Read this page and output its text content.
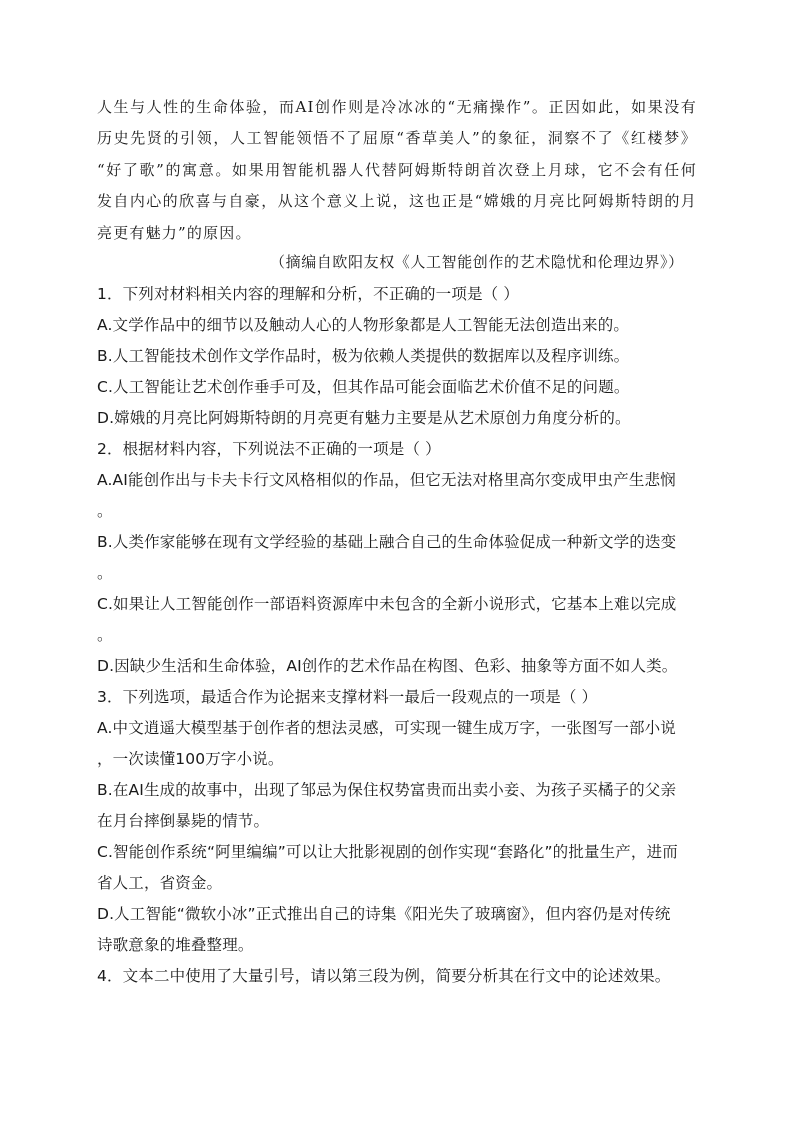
人生与人性的生命体验，而AI创作则是冷冰冰的“无痛操作”。正因如此，如果没有
历史先贤的引领，人工智能领悟不了屈原“香草美人”的象征，洞察不了《红楼梦》
“好了歌”的寓意。如果用智能机器人代替阿姆斯特朗首次登上月球，它不会有任何
发自内心的欣喜与自豪，从这个意义上说，这也正是“嫦娥的月亮比阿姆斯特朗的月
亮更有魅力”的原因。
（摘编自欧阳友权《人工智能创作的艺术隐忧和伦理边界》）
1．下列对材料相关内容的理解和分析，不正确的一项是（ ）
A.文学作品中的细节以及触动人心的人物形象都是人工智能无法创造出来的。
B.人工智能技术创作文学作品时，极为依赖人类提供的数据库以及程序训练。
C.人工智能让艺术创作垂手可及，但其作品可能会面临艺术价值不足的问题。
D.嫦娥的月亮比阿姆斯特朗的月亮更有魅力主要是从艺术原创力角度分析的。
2．根据材料内容，下列说法不正确的一项是（ ）
A.AI能创作出与卡夫卡行文风格相似的作品，但它无法对格里高尔变成甲虫产生悲悯
。
B.人类作家能够在现有文学经验的基础上融合自己的生命体验促成一种新文学的迭变
。
C.如果让人工智能创作一部语料资源库中未包含的全新小说形式，它基本上难以完成
。
D.因缺少生活和生命体验，AI创作的艺术作品在构图、色彩、抽象等方面不如人类。
3．下列选项，最适合作为论据来支撑材料一最后一段观点的一项是（ ）
A.中文逍遥大模型基于创作者的想法灵感，可实现一键生成万字，一张图写一部小说
，一次读懂100万字小说。
B.在AI生成的故事中，出现了邹忌为保住权势富贵而出卖小妾、为孩子买橘子的父亲
在月台摔倒暴毙的情节。
C.智能创作系统“阿里编编”可以让大批影视剧的创作实现“套路化”的批量生产，进而
省人工，省资金。
D.人工智能“微软小冰”正式推出自己的诗集《阳光失了玻璃窗》，但内容仍是对传统
诗歌意象的堆叠整理。
4．文本二中使用了大量引号，请以第三段为例，简要分析其在行文中的论述效果。
